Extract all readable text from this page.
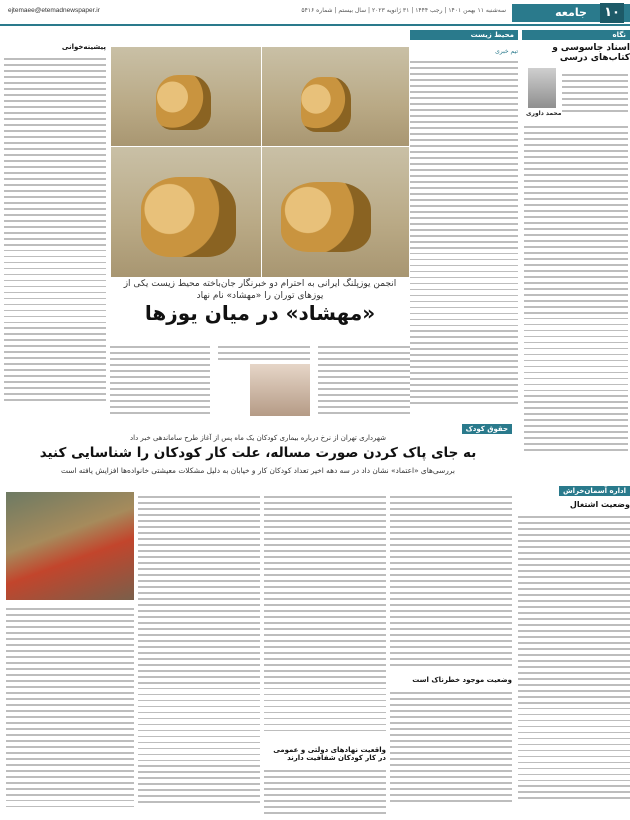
جامعه	۱۰
سه‌شنبه ۱۱ بهمن ۱۴۰۱ | رجب ۱۴۴۴ | ۳۱ ژانویه ۲۰۲۳ | سال بیستم | شماره ۵۴۱۶
ejtemaee@etemadnewspaper.ir
نگاه
اسناد جاسوسی و کتاب‌های درسی
محمد داوری
محیط زیست
تیم خبری
انجمن یوزپلنگ ایرانی به احترام دو خبرنگار جان‌باخته محیط زیست یکی از یوزهای توران را «مهشاد» نام نهاد
«مهشاد» در میان یوزها
پیشینه‌خوانی
حقوق کودک
شهرداری تهران از نرخ درباره بیماری کودکان یک ماه پس از آغاز طرح ساماندهی خبر داد
به جای پاک کردن صورت مساله، علت کار کودکان را شناسایی کنید
بررسی‌های «اعتماد» نشان داد در سه دهه اخیر تعداد کودکان کار و خیابان به دلیل مشکلات معیشتی خانواده‌ها افزایش یافته است
واقعیت نهادهای دولتی و عمومی در کار کودکان شفافیت دارند
وضعیت موجود خطرناک است
اداره آسمان‌خراش
وضعیت اشتغال
